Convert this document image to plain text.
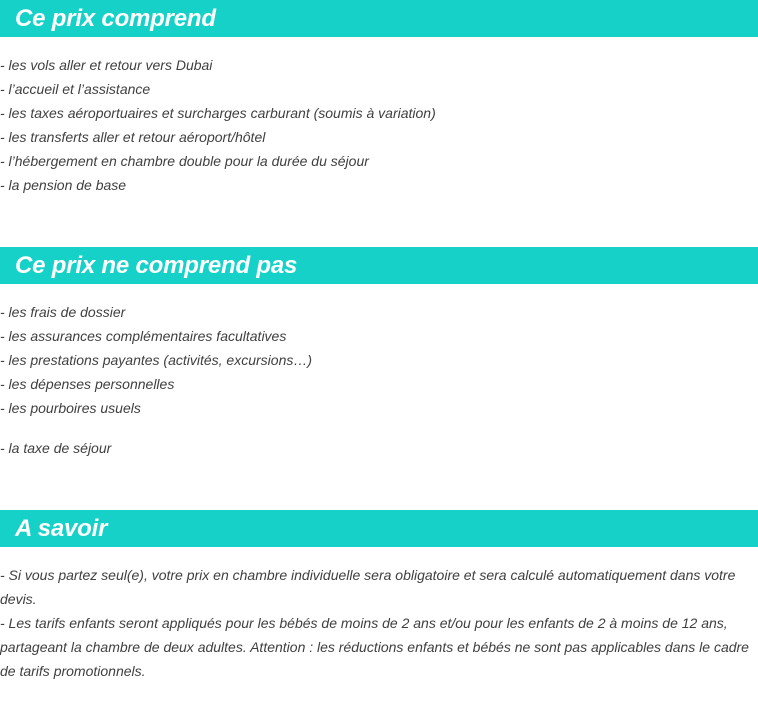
Ce prix comprend
- les vols aller et retour vers Dubai
- l’accueil et l’assistance
- les taxes aéroportuaires et surcharges carburant (soumis à variation)
- les transferts aller et retour aéroport/hôtel
- l’hébergement en chambre double pour la durée du séjour
- la pension de base
Ce prix ne comprend pas
- les frais de dossier
- les assurances complémentaires facultatives
- les prestations payantes (activités, excursions…)
- les dépenses personnelles
- les pourboires usuels
- la taxe de séjour
A savoir

- Si vous partez seul(e), votre prix en chambre individuelle sera obligatoire et sera calculé automatiquement dans votre devis.

- Les tarifs enfants seront appliqués pour les bébés de moins de 2 ans et/ou pour les enfants de 2 à moins de 12 ans, partageant la chambre de deux adultes. Attention : les réductions enfants et bébés ne sont pas applicables dans le cadre de tarifs promotionnels.
